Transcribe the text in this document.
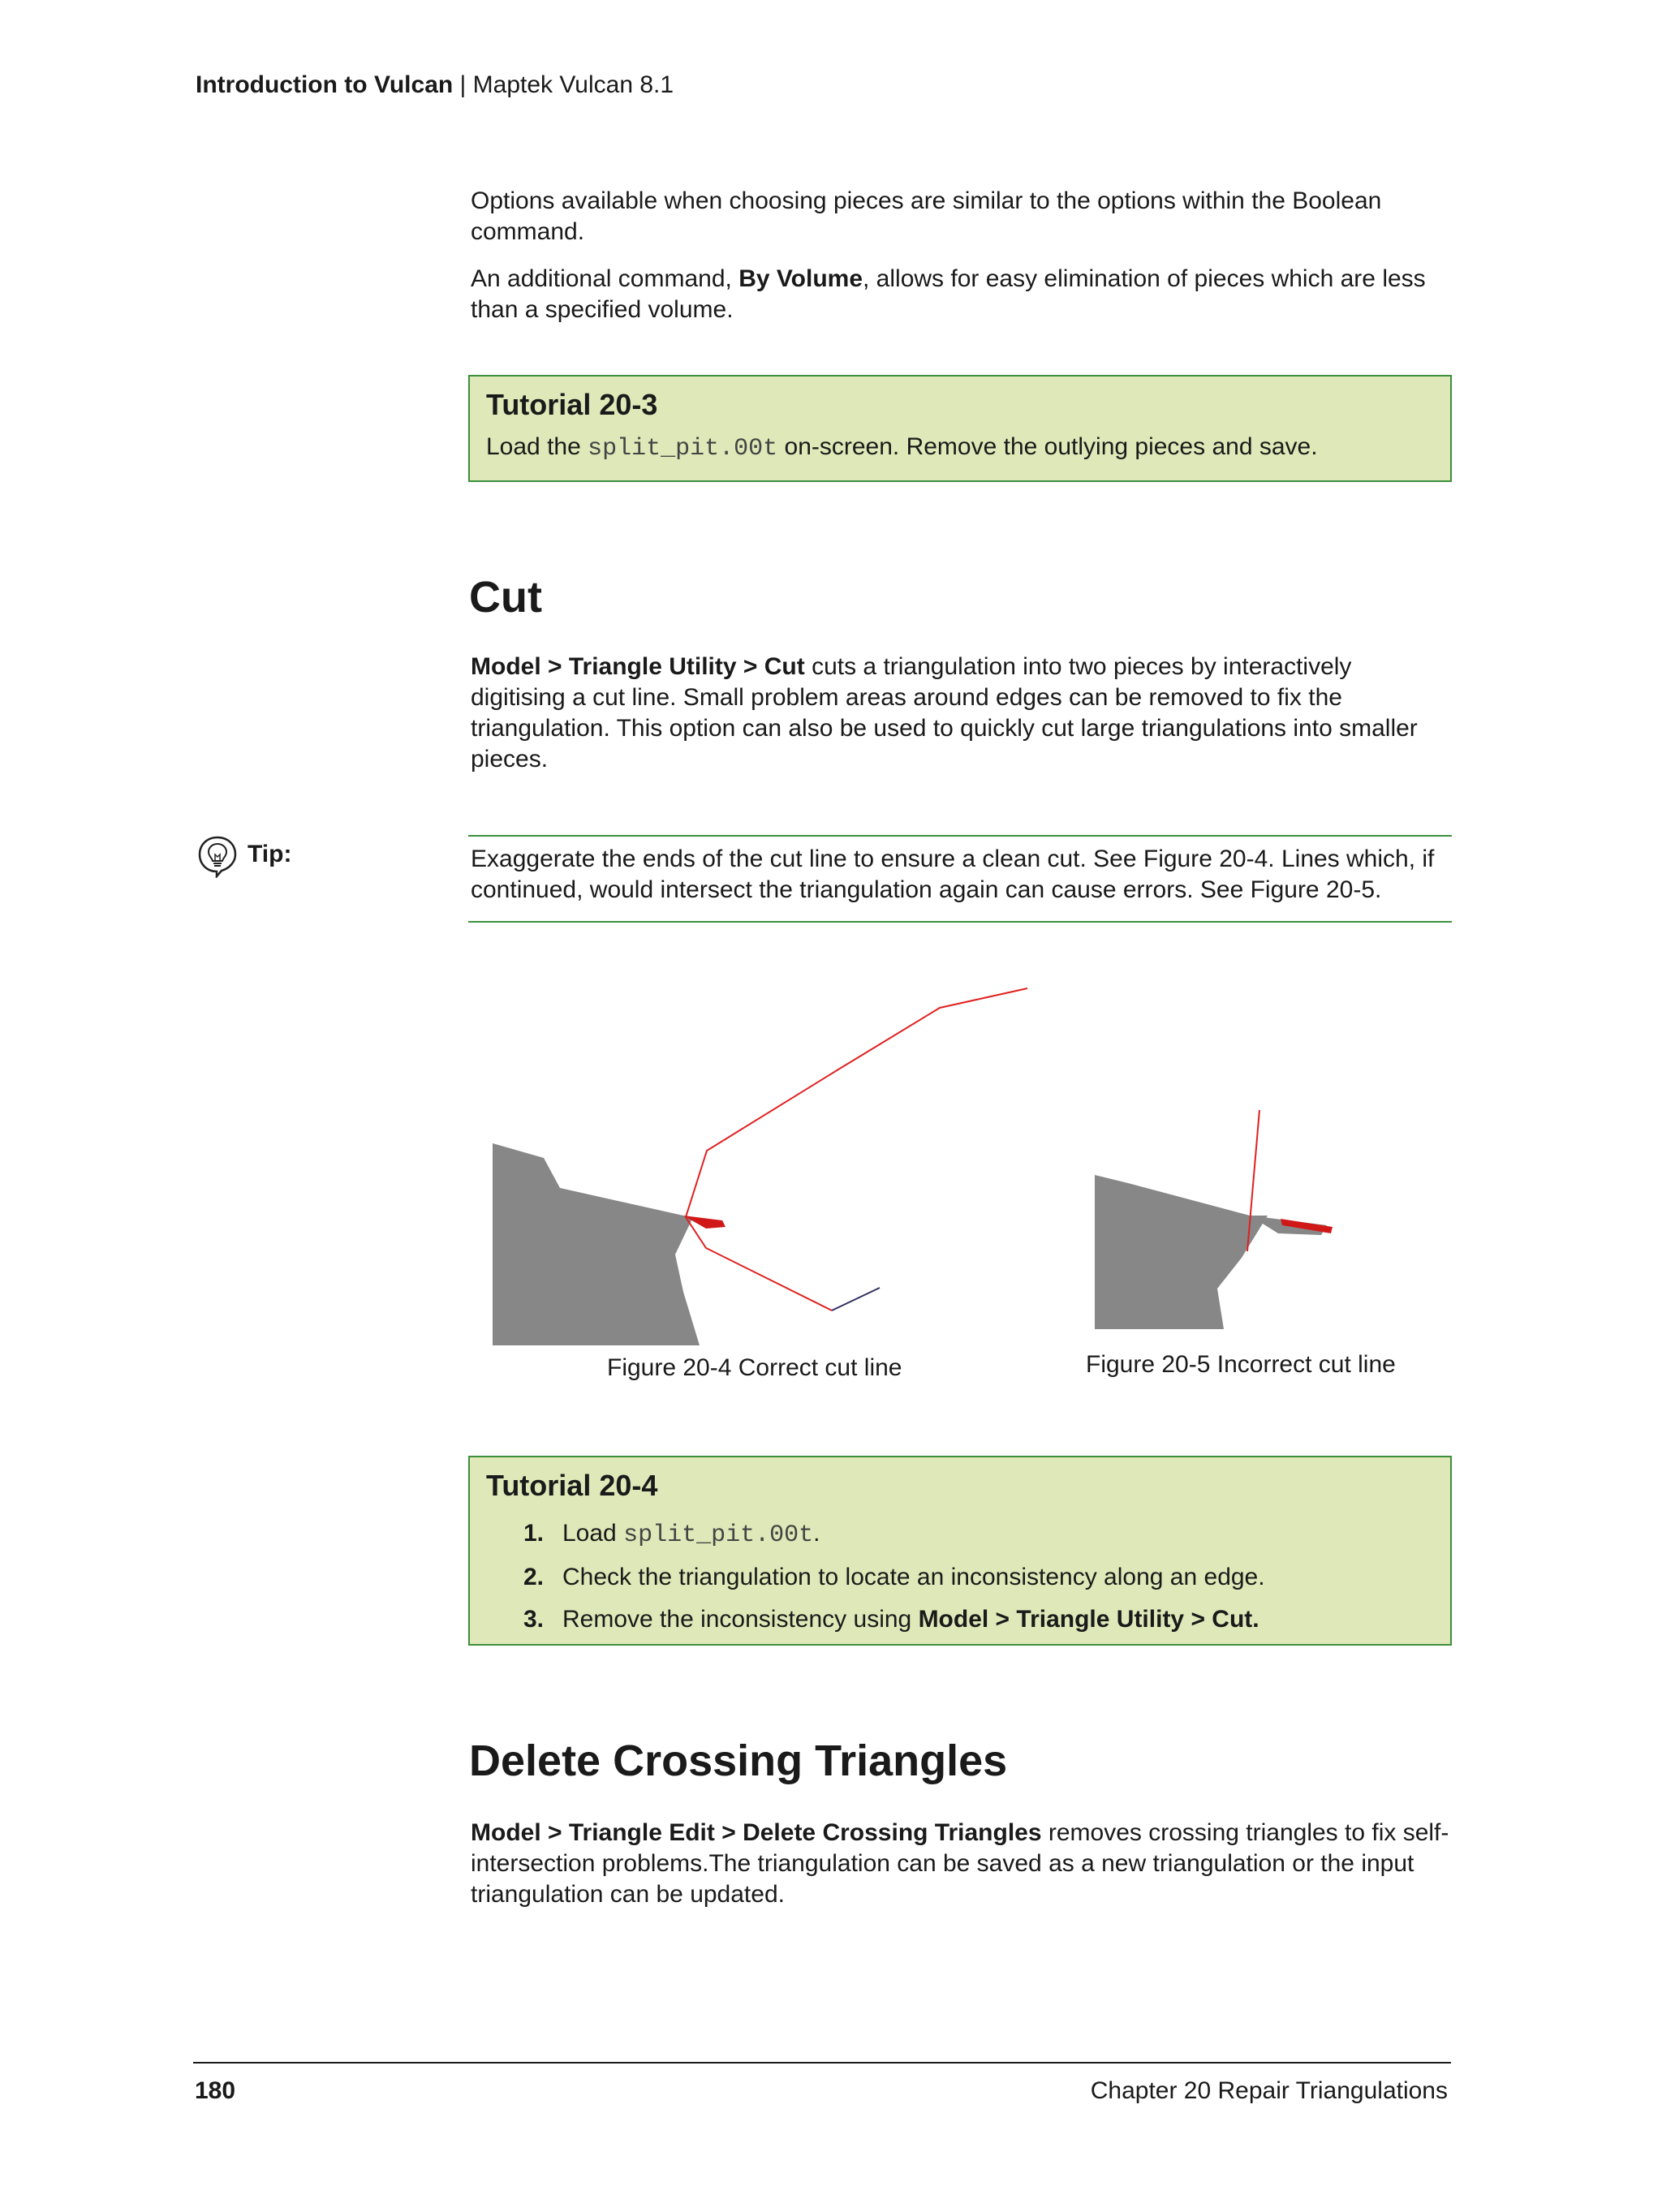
Introduction to Vulcan | Maptek Vulcan 8.1

Options available when choosing pieces are similar to the options within the Boolean command.

An additional command, By Volume, allows for easy elimination of pieces which are less than a specified volume.

Tutorial 20-3
Load the split_pit.00t on-screen. Remove the outlying pieces and save.
Cut

Model > Triangle Utility > Cut cuts a triangulation into two pieces by interactively digitising a cut line. Small problem areas around edges can be removed to fix the triangulation. This option can also be used to quickly cut large triangulations into smaller pieces.

Tip:	Exaggerate the ends of the cut line to ensure a clean cut. See Figure 20-4. Lines which, if continued, would intersect the triangulation again can cause errors. See Figure 20-5.

Figure 20-4 Correct cut line	Figure 20-5 Incorrect cut line
Tutorial 20-4
1. Load split_pit.00t.
2. Check the triangulation to locate an inconsistency along an edge.
3. Remove the inconsistency using Model > Triangle Utility > Cut.
Delete Crossing Triangles

Model > Triangle Edit > Delete Crossing Triangles removes crossing triangles to fix self-intersection problems.The triangulation can be saved as a new triangulation or the input triangulation can be updated.

180	Chapter 20 Repair Triangulations
